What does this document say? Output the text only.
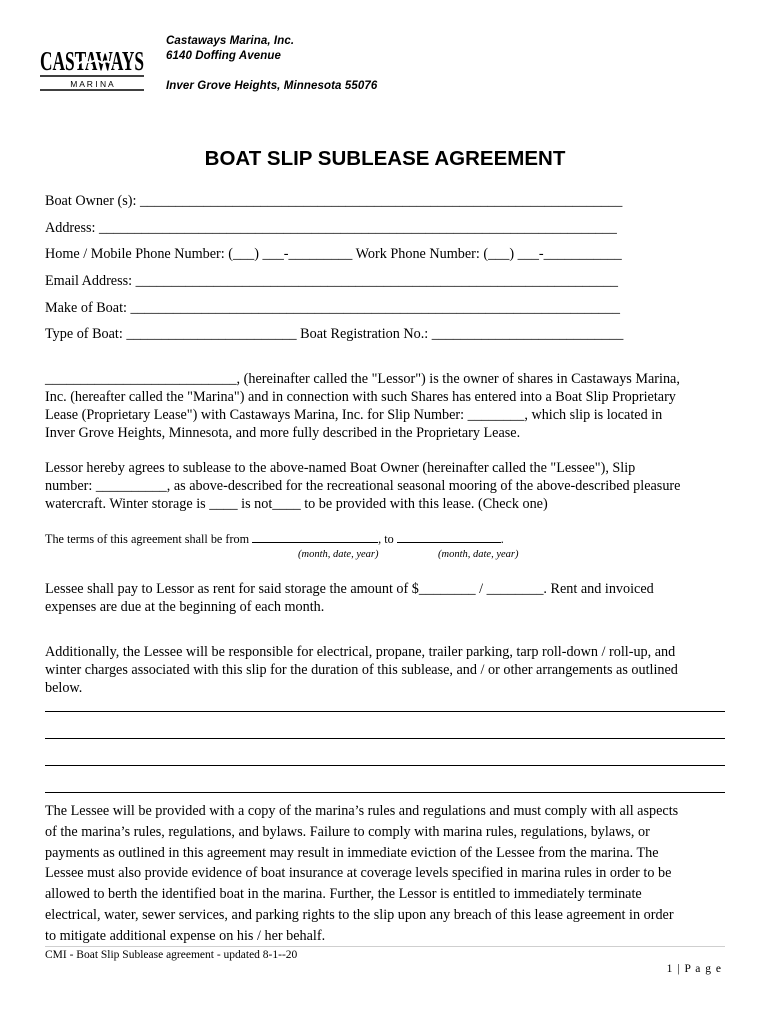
CASTAWAYS
M A R I N A
Castaways Marina, Inc.
6140 Doffing Avenue
Inver Grove Heights, Minnesota 55076
BOAT SLIP SUBLEASE AGREEMENT
Boat Owner (s): ____________________________________________________________________
Address: _________________________________________________________________________
Home / Mobile Phone Number: (___) ___-_________ Work Phone Number: (___) ___-___________
Email Address: ____________________________________________________________________
Make of Boat: _____________________________________________________________________
Type of Boat: ________________________ Boat Registration No.: ___________________________
___________________________, (hereinafter called the "Lessor") is the owner of shares in Castaways Marina,
Inc. (hereafter called the "Marina") and in connection with such Shares has entered into a Boat Slip Proprietary
Lease (Proprietary Lease") with Castaways Marina, Inc. for Slip Number: ________, which slip is located in
Inver Grove Heights, Minnesota, and more fully described in the Proprietary Lease.
Lessor hereby agrees to sublease to the above-named Boat Owner (hereinafter called the "Lessee"), Slip
number: __________, as above-described for the recreational seasonal mooring of the above-described pleasure
watercraft. Winter storage is ____ is not____ to be provided with this lease. (Check one)
The terms of this agreement shall be from	, to	.
(month, date, year)	(month, date, year)
Lessee shall pay to Lessor as rent for said storage the amount of $________ / ________. Rent and invoiced
expenses are due at the beginning of each month.
Additionally, the Lessee will be responsible for electrical, propane, trailer parking, tarp roll-down / roll-up, and
winter charges associated with this slip for the duration of this sublease, and / or other arrangements as outlined
below.
The Lessee will be provided with a copy of the marina’s rules and regulations and must comply with all aspects
of the marina’s rules, regulations, and bylaws. Failure to comply with marina rules, regulations, bylaws, or
payments as outlined in this agreement may result in immediate eviction of the Lessee from the marina. The
Lessee must also provide evidence of boat insurance at coverage levels specified in marina rules in order to be
allowed to berth the identified boat in the marina. Further, the Lessor is entitled to immediately terminate
electrical, water, sewer services, and parking rights to the slip upon any breach of this lease agreement in order
to mitigate additional expense on his / her behalf.
CMI - Boat Slip Sublease agreement - updated 8-1--20
1 | P a g e
